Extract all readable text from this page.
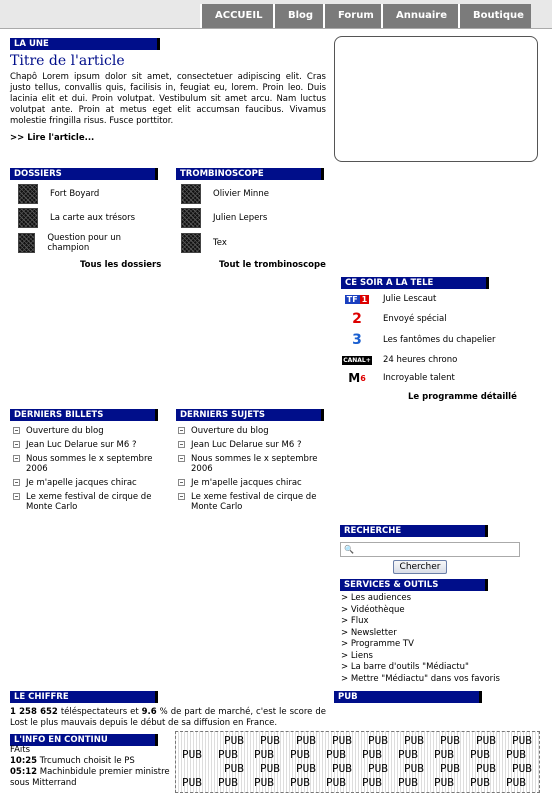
ACCUEIL	Blog	Forum	Annuaire	Boutique
LA UNE
Titre de l'article
Chapô Lorem ipsum dolor sit amet, consectetuer adipiscing elit. Cras justo tellus, convallis quis, facilisis in, feugiat eu, lorem. Proin leo. Duis lacinia elit et dui. Proin volutpat. Vestibulum sit amet arcu. Nam luctus volutpat ante. Proin at metus eget elit accumsan faucibus. Vivamus molestie fringilla risus. Fusce porttitor.
>> Lire l'article...
DOSSIERS
Fort Boyard
La carte aux trésors
Question pour un champion
Tous les dossiers
TROMBINOSCOPE
Olivier Minne
Julien Lepers
Tex
Tout le trombinoscope
CE SOIR A LA TELE
TF 1 Julie Lescaut
2 Envoyé spécial
3 Les fantômes du chapelier
CANAL+ 24 heures chrono
M 6 Incroyable talent
Le programme détaillé
DERNIERS BILLETS
Ouverture du blog
Jean Luc Delarue sur M6 ?
Nous sommes le x septembre 2006
Je m'apelle jacques chirac
Le xeme festival de cirque de Monte Carlo
DERNIERS SUJETS
Ouverture du blog
Jean Luc Delarue sur M6 ?
Nous sommes le x septembre 2006
Je m'apelle jacques chirac
Le xeme festival de cirque de Monte Carlo
RECHERCHE
🔍
Chercher
SERVICES & OUTILS
> Les audiences
> Vidéothèque
> Flux
> Newsletter
> Programme TV
> Liens
> La barre d'outils "Médiactu"
> Mettre "Médiactu" dans vos favoris
LE CHIFFRE
1 258 652 téléspectateurs et 9.6 % de part de marché, c'est le score de Lost le plus mauvais depuis le début de sa diffusion en France.
PUB
L'INFO EN CONTINU
FAits
10:25 Trcumuch choisit le PS
05:12 Machinbidule premier ministre sous Mitterrand
PUB PUB PUB PUB PUB PUB PUB PUB PUB
PUB PUB PUB PUB PUB PUB PUB PUB PUB PUB
PUB PUB PUB PUB PUB PUB PUB PUB PUB
PUB PUB PUB PUB PUB PUB PUB PUB PUB PUB
